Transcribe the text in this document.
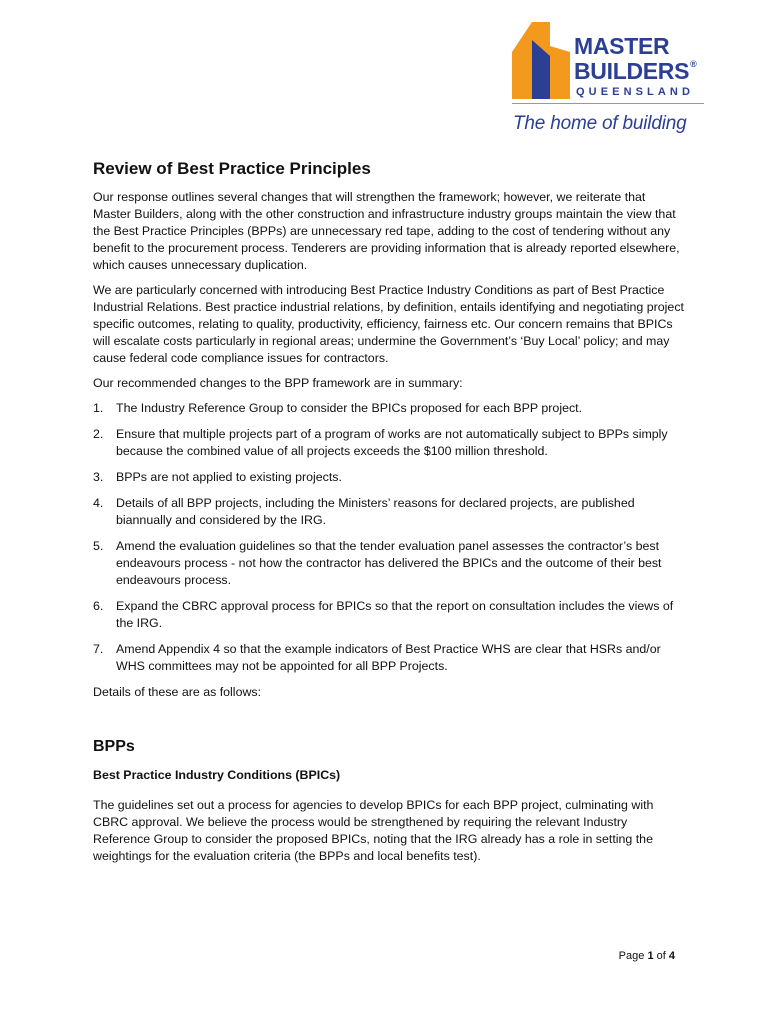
MASTER
BUILDERS®
QUEENSLAND
The home of building
Review of Best Practice Principles

Our response outlines several changes that will strengthen the framework; however, we reiterate that Master Builders, along with the other construction and infrastructure industry groups maintain the view that the Best Practice Principles (BPPs) are unnecessary red tape, adding to the cost of tendering without any benefit to the procurement process. Tenderers are providing information that is already reported elsewhere, which causes unnecessary duplication.

We are particularly concerned with introducing Best Practice Industry Conditions as part of Best Practice Industrial Relations. Best practice industrial relations, by definition, entails identifying and negotiating project specific outcomes, relating to quality, productivity, efficiency, fairness etc. Our concern remains that BPICs will escalate costs particularly in regional areas; undermine the Government’s ‘Buy Local’ policy; and may cause federal code compliance issues for contractors.

Our recommended changes to the BPP framework are in summary:

1. The Industry Reference Group to consider the BPICs proposed for each BPP project.
2. Ensure that multiple projects part of a program of works are not automatically subject to BPPs simply because the combined value of all projects exceeds the $100 million threshold.
3. BPPs are not applied to existing projects.
4. Details of all BPP projects, including the Ministers’ reasons for declared projects, are published biannually and considered by the IRG.
5. Amend the evaluation guidelines so that the tender evaluation panel assesses the contractor’s best endeavours process - not how the contractor has delivered the BPICs and the outcome of their best endeavours process.
6. Expand the CBRC approval process for BPICs so that the report on consultation includes the views of the IRG.
7. Amend Appendix 4 so that the example indicators of Best Practice WHS are clear that HSRs and/or WHS committees may not be appointed for all BPP Projects.

Details of these are as follows:

BPPs
Best Practice Industry Conditions (BPICs)

The guidelines set out a process for agencies to develop BPICs for each BPP project, culminating with CBRC approval. We believe the process would be strengthened by requiring the relevant Industry Reference Group to consider the proposed BPICs, noting that the IRG already has a role in setting the weightings for the evaluation criteria (the BPPs and local benefits test).

Page 1 of 4
